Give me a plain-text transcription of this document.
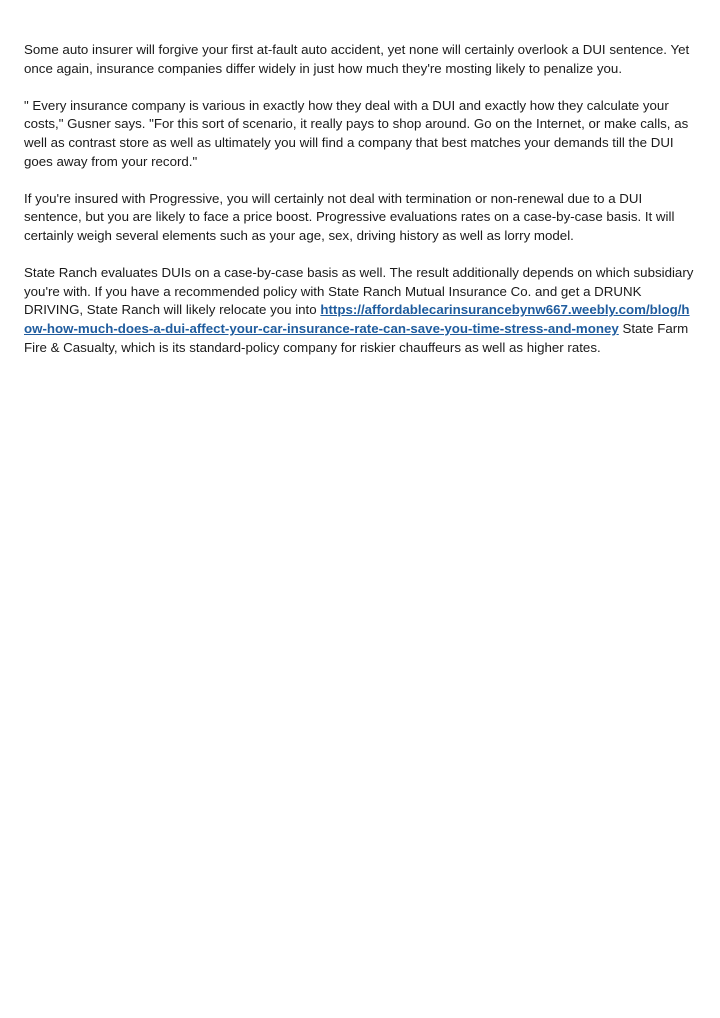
Some auto insurer will forgive your first at-fault auto accident, yet none will certainly overlook a DUI sentence. Yet once again, insurance companies differ widely in just how much they're mosting likely to penalize you.

" Every insurance company is various in exactly how they deal with a DUI and exactly how they calculate your costs," Gusner says. "For this sort of scenario, it really pays to shop around. Go on the Internet, or make calls, as well as contrast store as well as ultimately you will find a company that best matches your demands till the DUI goes away from your record."

If you're insured with Progressive, you will certainly not deal with termination or non-renewal due to a DUI sentence, but you are likely to face a price boost. Progressive evaluations rates on a case-by-case basis. It will certainly weigh several elements such as your age, sex, driving history as well as lorry model.

State Ranch evaluates DUIs on a case-by-case basis as well. The result additionally depends on which subsidiary you're with. If you have a recommended policy with State Ranch Mutual Insurance Co. and get a DRUNK DRIVING, State Ranch will likely relocate you into https://affordablecarinsurancebynw667.weebly.com/blog/how-how-much-does-a-dui-affect-your-car-insurance-rate-can-save-you-time-stress-and-money State Farm Fire & Casualty, which is its standard-policy company for riskier chauffeurs as well as higher rates.
